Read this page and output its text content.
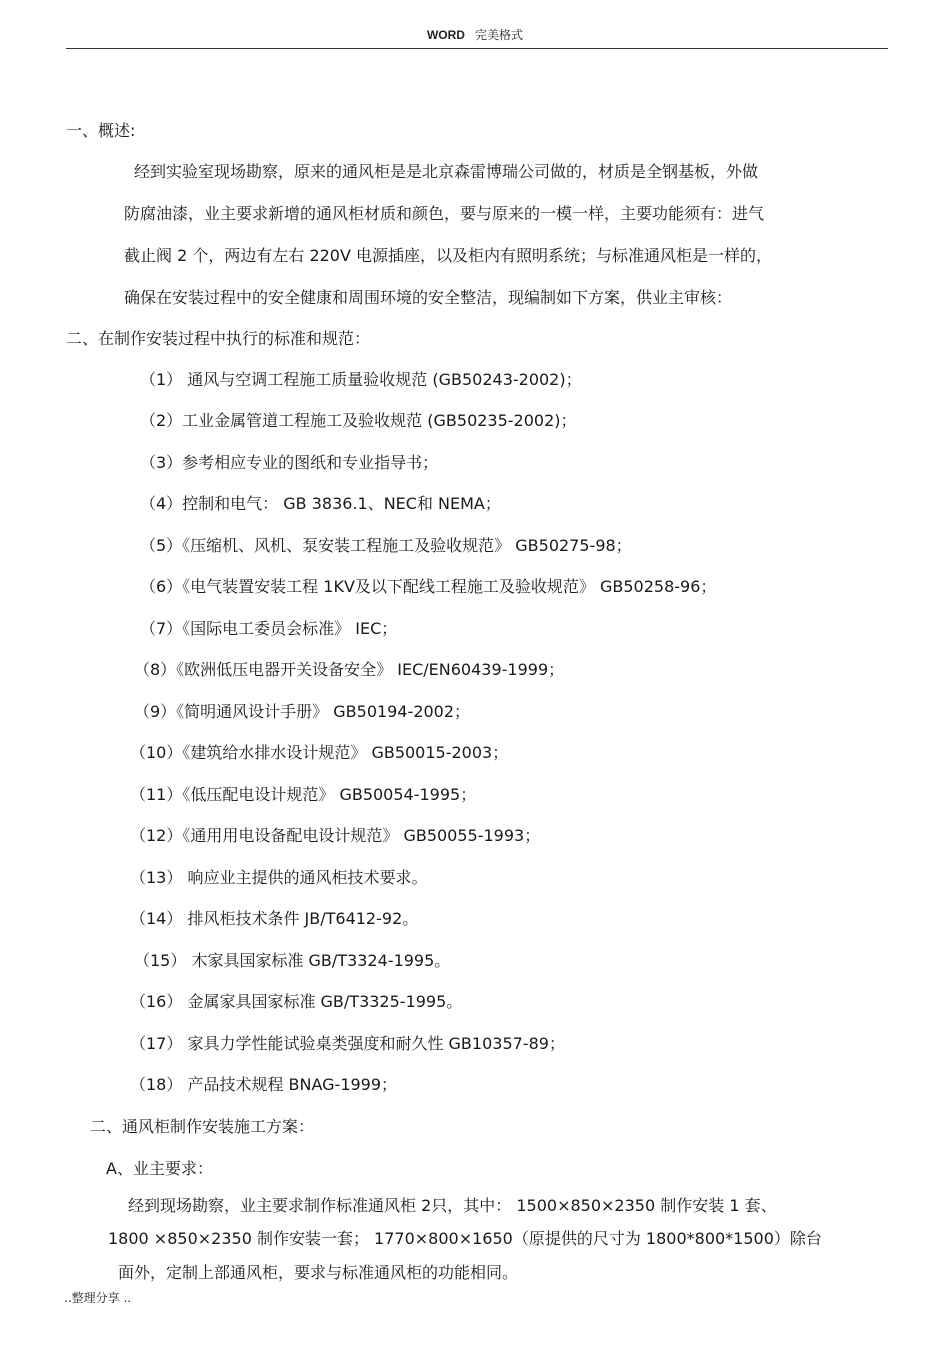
WORD 完美格式
一、概述:
经到实验室现场勘察，原来的通风柜是是北京森雷博瑞公司做的，材质是全钢基板，外做
防腐油漆，业主要求新增的通风柜材质和颜色，要与原来的一模一样，主要功能须有：进气
截止阀 2 个，两边有左右 220V 电源插座，以及柜内有照明系统；与标准通风柜是一样的，
确保在安装过程中的安全健康和周围环境的安全整洁，现编制如下方案，供业主审核：
二、在制作安装过程中执行的标准和规范：
（1） 通风与空调工程施工质量验收规范 (GB50243-2002)；
（2）工业金属管道工程施工及验收规范 (GB50235-2002)；
（3）参考相应专业的图纸和专业指导书；
（4）控制和电气： GB 3836.1、NEC和 NEMA；
（5）《压缩机、风机、泵安装工程施工及验收规范》 GB50275-98；
（6）《电气装置安装工程 1KV及以下配线工程施工及验收规范》 GB50258-96；
（7）《国际电工委员会标准》 IEC；
（8）《欧洲低压电器开关设备安全》 IEC/EN60439-1999；
（9）《简明通风设计手册》 GB50194-2002；
（10）《建筑给水排水设计规范》 GB50015-2003；
（11）《低压配电设计规范》 GB50054-1995；
（12）《通用用电设备配电设计规范》 GB50055-1993；
（13） 响应业主提供的通风柜技术要求。
（14） 排风柜技术条件 JB/T6412-92。
（15） 木家具国家标准 GB/T3324-1995。
（16） 金属家具国家标准 GB/T3325-1995。
（17） 家具力学性能试验桌类强度和耐久性 GB10357-89；
（18） 产品技术规程 BNAG-1999；
二、通风柜制作安装施工方案：
A、业主要求：
经到现场勘察，业主要求制作标准通风柜 2只，其中： 1500×850×2350 制作安装 1 套、
1800 ×850×2350 制作安装一套； 1770×800×1650（原提供的尺寸为 1800*800*1500）除台
面外，定制上部通风柜，要求与标准通风柜的功能相同。
..整理分享 ..
